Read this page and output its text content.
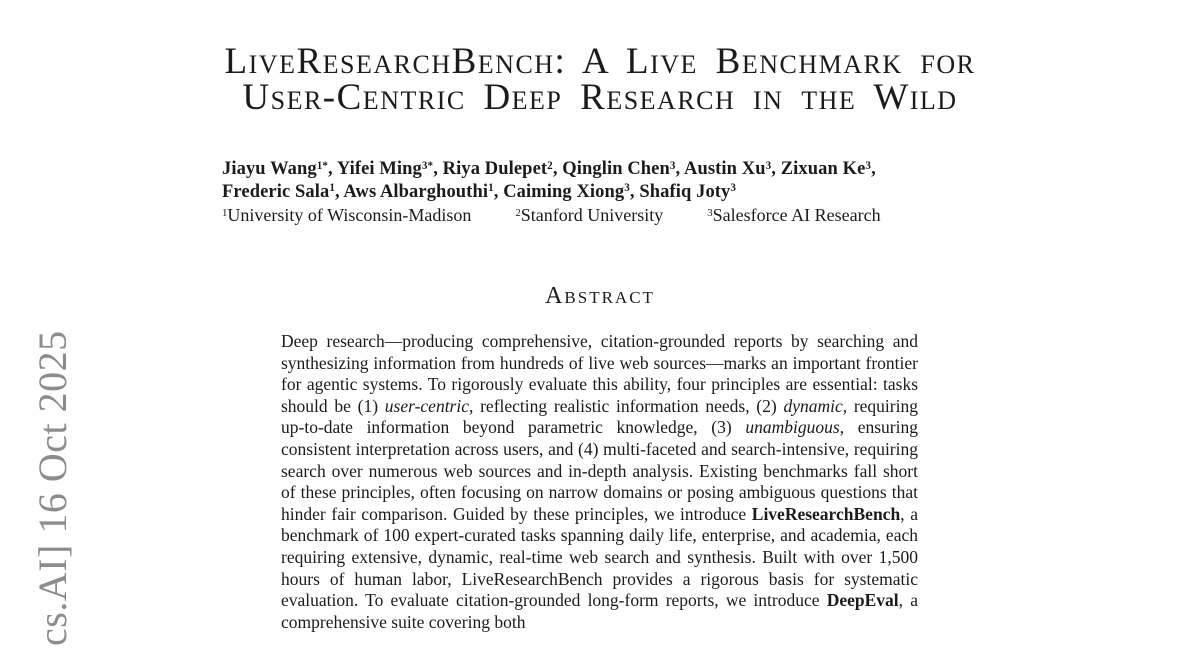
cs.AI] 16 Oct 2025
LiveResearchBench: A Live Benchmark for
User-Centric Deep Research in the Wild
Jiayu Wang$^{1*}$, Yifei Ming$^{3*}$, Riya Dulepet$^2$, Qinglin Chen$^3$, Austin Xu$^3$, Zixuan Ke$^3$,
Frederic Sala$^1$, Aws Albarghouthi$^1$, Caiming Xiong$^3$, Shafiq Joty$^3$
$^1$University of Wisconsin-Madison	$^2$Stanford University	$^3$Salesforce AI Research
Abstract
Deep research—producing comprehensive, citation-grounded reports by searching and synthesizing information from hundreds of live web sources—marks an important frontier for agentic systems. To rigorously evaluate this ability, four principles are essential: tasks should be (1) user-centric, reflecting realistic information needs, (2) dynamic, requiring up-to-date information beyond parametric knowledge, (3) unambiguous, ensuring consistent interpretation across users, and (4) multi-faceted and search-intensive, requiring search over numerous web sources and in-depth analysis. Existing benchmarks fall short of these principles, often focusing on narrow domains or posing ambiguous questions that hinder fair comparison. Guided by these principles, we introduce LiveResearchBench, a benchmark of 100 expert-curated tasks spanning daily life, enterprise, and academia, each requiring extensive, dynamic, real-time web search and synthesis. Built with over 1,500 hours of human labor, LiveResearchBench provides a rigorous basis for systematic evaluation. To evaluate citation-grounded long-form reports, we introduce DeepEval, a comprehensive suite covering both
